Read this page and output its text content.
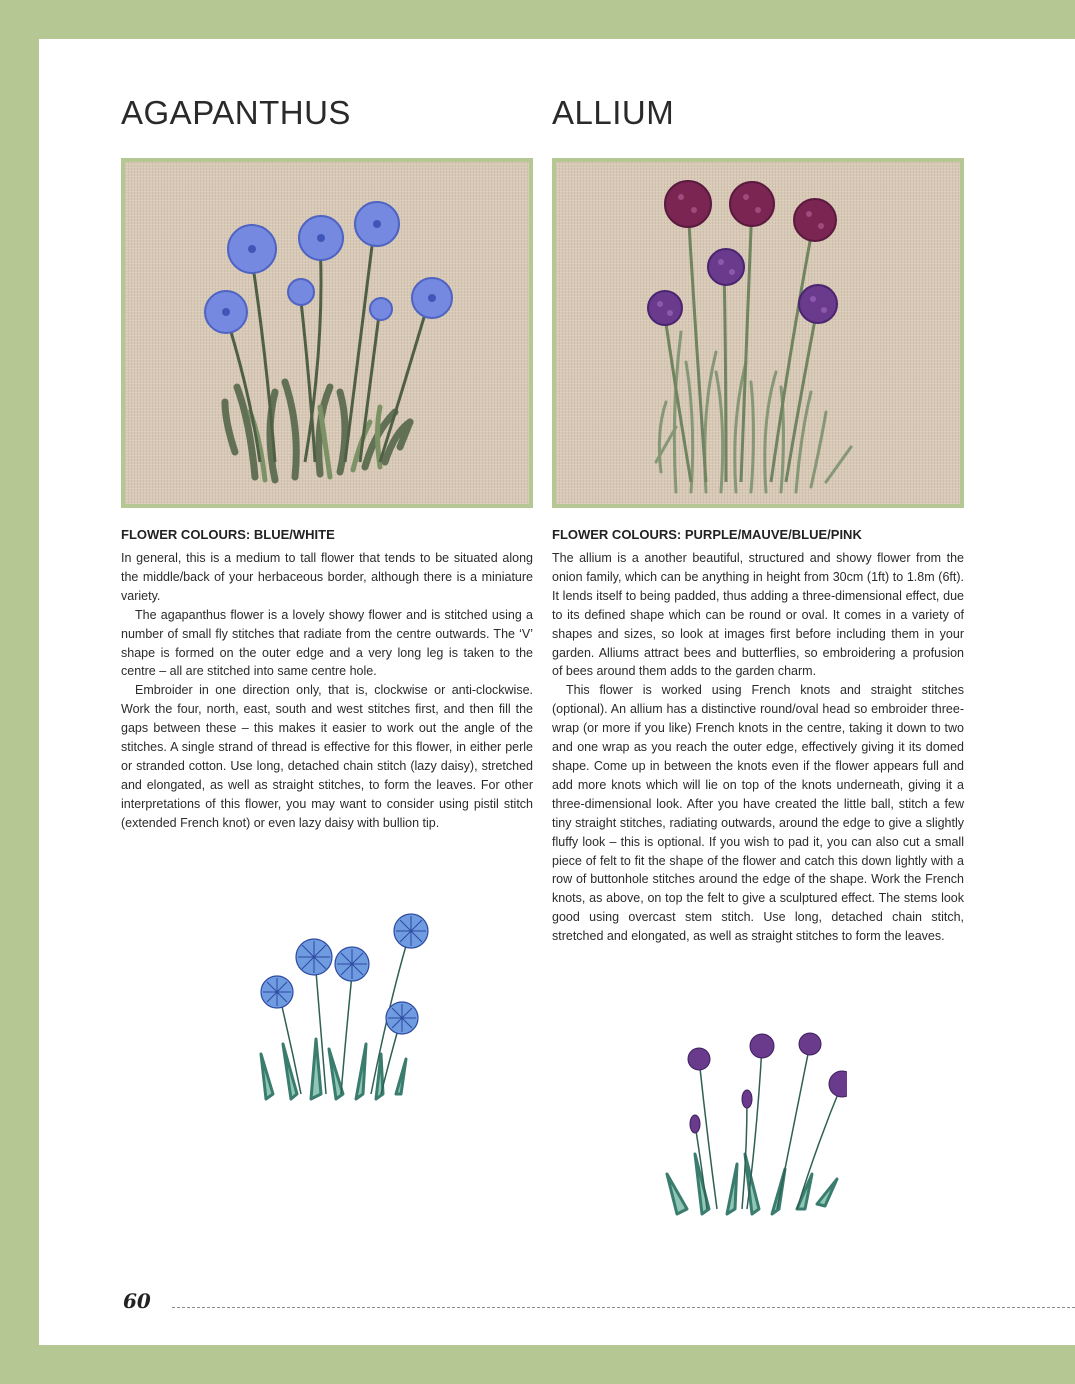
AGAPANTHUS
FLOWER COLOURS: BLUE/WHITE

In general, this is a medium to tall flower that tends to be situated along the middle/back of your herbaceous border, although there is a miniature variety.

The agapanthus flower is a lovely showy flower and is stitched using a number of small fly stitches that radiate from the centre outwards. The ‘V’ shape is formed on the outer edge and a very long leg is taken to the centre – all are stitched into same centre hole.

Embroider in one direction only, that is, clockwise or anti-clockwise. Work the four, north, east, south and west stitches first, and then fill the gaps between these – this makes it easier to work out the angle of the stitches. A single strand of thread is effective for this flower, in either perle or stranded cotton. Use long, detached chain stitch (lazy daisy), stretched and elongated, as well as straight stitches, to form the leaves. For other interpretations of this flower, you may want to consider using pistil stitch (extended French knot) or even lazy daisy with bullion tip.

ALLIUM
FLOWER COLOURS: PURPLE/MAUVE/BLUE/PINK

The allium is a another beautiful, structured and showy flower from the onion family, which can be anything in height from 30cm (1ft) to 1.8m (6ft). It lends itself to being padded, thus adding a three-dimensional effect, due to its defined shape which can be round or oval. It comes in a variety of shapes and sizes, so look at images first before including them in your garden. Alliums attract bees and butterflies, so embroidering a profusion of bees around them adds to the garden charm.

This flower is worked using French knots and straight stitches (optional). An allium has a distinctive round/oval head so embroider three-wrap (or more if you like) French knots in the centre, taking it down to two and one wrap as you reach the outer edge, effectively giving it its domed shape. Come up in between the knots even if the flower appears full and add more knots which will lie on top of the knots underneath, giving it a three-dimensional look. After you have created the little ball, stitch a few tiny straight stitches, radiating outwards, around the edge to give a slightly fluffy look – this is optional. If you wish to pad it, you can also cut a small piece of felt to fit the shape of the flower and catch this down lightly with a row of buttonhole stitches around the edge of the shape. Work the French knots, as above, on top the felt to give a sculptured effect. The stems look good using overcast stem stitch. Use long, detached chain stitch, stretched and elongated, as well as straight stitches to form the leaves.

60
